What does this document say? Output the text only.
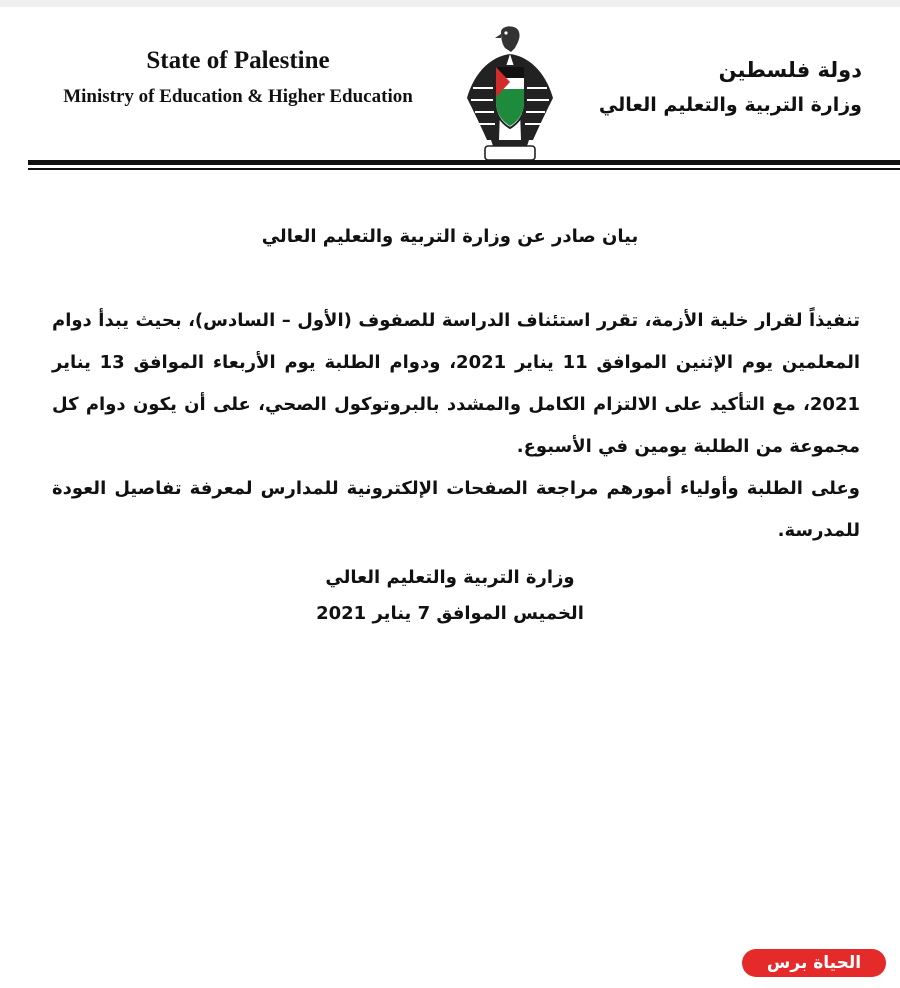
State of Palestine
Ministry of Education & Higher Education
دولة فلسطين
وزارة التربية والتعليم العالي
بيان صادر عن وزارة التربية والتعليم العالي

تنفيذاً لقرار خلية الأزمة، تقرر استئناف الدراسة للصفوف (الأول – السادس)، بحيث يبدأ دوام المعلمين يوم الإثنين الموافق 11 يناير 2021، ودوام الطلبة يوم الأربعاء الموافق 13 يناير 2021، مع التأكيد على الالتزام الكامل والمشدد بالبروتوكول الصحي، على أن يكون دوام كل مجموعة من الطلبة يومين في الأسبوع.

وعلى الطلبة وأولياء أمورهم مراجعة الصفحات الإلكترونية للمدارس لمعرفة تفاصيل العودة للمدرسة.

وزارة التربية والتعليم العالي
الخميس الموافق 7 يناير 2021
الحياة برس
